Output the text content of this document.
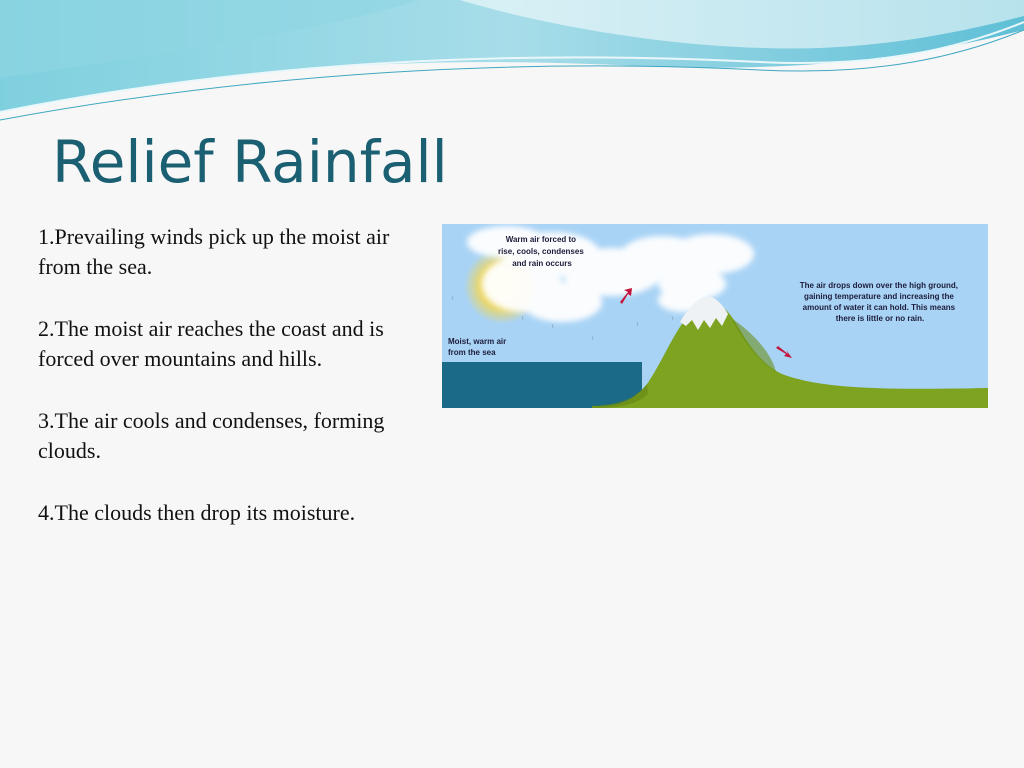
Relief Rainfall

1.Prevailing winds pick up the moist air from the sea.

2.The moist air reaches the coast and is forced over mountains and hills.

3.The air cools and condenses, forming clouds.

4.The clouds then drop its moisture.

Warm air forced to rise, cools, condenses and rain occurs
The air drops down over the high ground, gaining temperature and increasing the amount of water it can hold. This means there is little or no rain.
Moist, warm air from the sea
